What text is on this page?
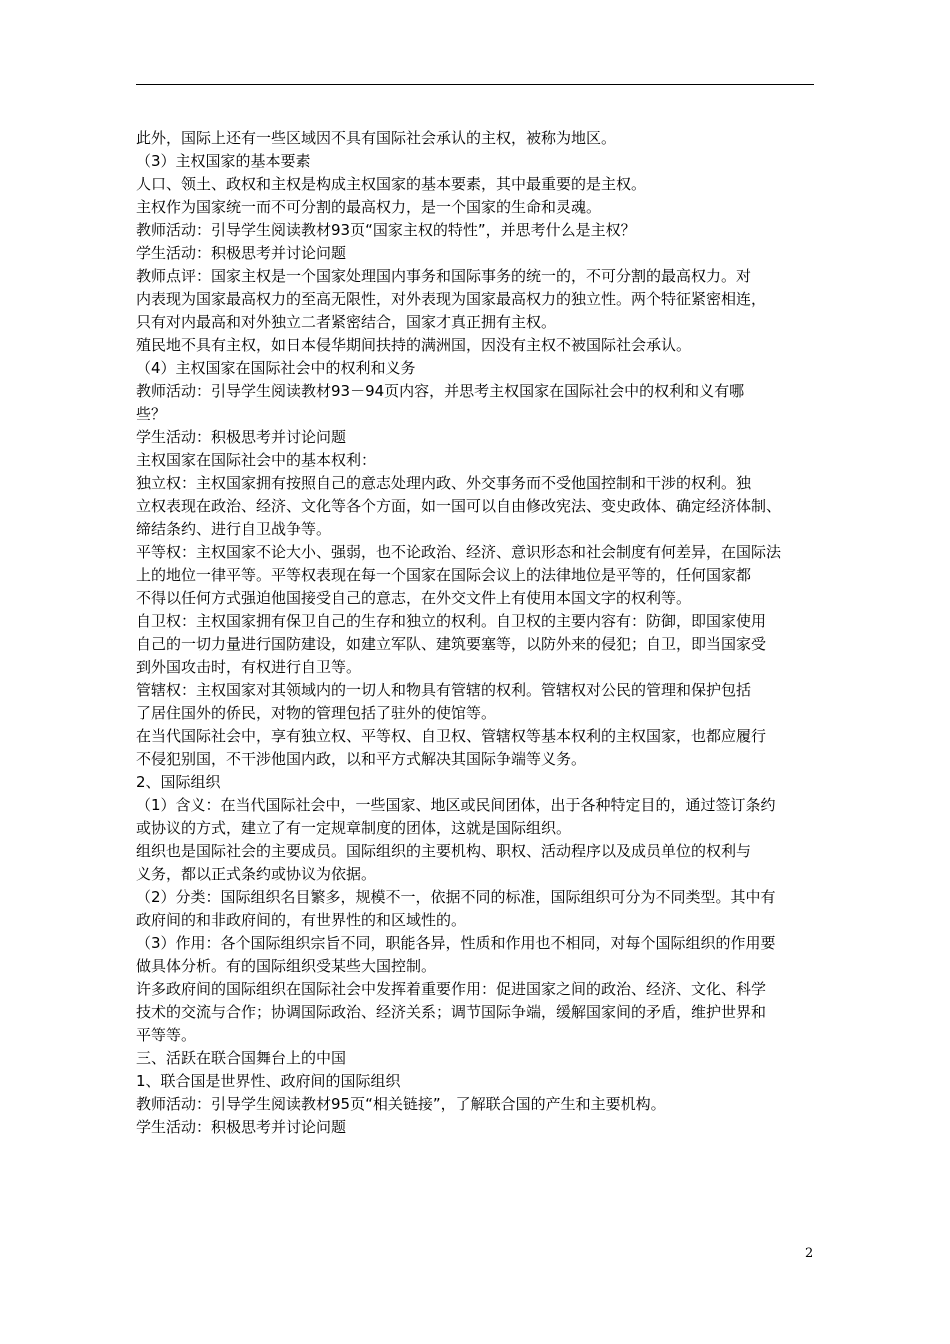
此外，国际上还有一些区域因不具有国际社会承认的主权，被称为地区。
（3）主权国家的基本要素
人口、领土、政权和主权是构成主权国家的基本要素，其中最重要的是主权。
主权作为国家统一而不可分割的最高权力，是一个国家的生命和灵魂。
教师活动：引导学生阅读教材93页“国家主权的特性”，并思考什么是主权？
学生活动：积极思考并讨论问题
教师点评：国家主权是一个国家处理国内事务和国际事务的统一的，不可分割的最高权力。对
内表现为国家最高权力的至高无限性，对外表现为国家最高权力的独立性。两个特征紧密相连，
只有对内最高和对外独立二者紧密结合，国家才真正拥有主权。
殖民地不具有主权，如日本侵华期间扶持的满洲国，因没有主权不被国际社会承认。
（4）主权国家在国际社会中的权利和义务
教师活动：引导学生阅读教材93－94页内容，并思考主权国家在国际社会中的权利和义有哪
些？
学生活动：积极思考并讨论问题
主权国家在国际社会中的基本权利：
独立权：主权国家拥有按照自己的意志处理内政、外交事务而不受他国控制和干涉的权利。独
立权表现在政治、经济、文化等各个方面，如一国可以自由修改宪法、变史政体、确定经济体制、
缔结条约、进行自卫战争等。
平等权：主权国家不论大小、强弱，也不论政治、经济、意识形态和社会制度有何差异，在国际法
上的地位一律平等。平等权表现在每一个国家在国际会议上的法律地位是平等的，任何国家都
不得以任何方式强迫他国接受自己的意志，在外交文件上有使用本国文字的权利等。
自卫权：主权国家拥有保卫自己的生存和独立的权利。自卫权的主要内容有：防御，即国家使用
自己的一切力量进行国防建设，如建立军队、建筑要塞等，以防外来的侵犯；自卫，即当国家受
到外国攻击时，有权进行自卫等。
管辖权：主权国家对其领域内的一切人和物具有管辖的权利。管辖权对公民的管理和保护包括
了居住国外的侨民，对物的管理包括了驻外的使馆等。
在当代国际社会中，享有独立权、平等权、自卫权、管辖权等基本权利的主权国家，也都应履行
不侵犯别国，不干涉他国内政，以和平方式解决其国际争端等义务。
2、国际组织
（1）含义：在当代国际社会中，一些国家、地区或民间团体，出于各种特定目的，通过签订条约
或协议的方式，建立了有一定规章制度的团体，这就是国际组织。
组织也是国际社会的主要成员。国际组织的主要机构、职权、活动程序以及成员单位的权利与
义务，都以正式条约或协议为依据。
（2）分类：国际组织名目繁多，规模不一，依据不同的标准，国际组织可分为不同类型。其中有
政府间的和非政府间的，有世界性的和区域性的。
（3）作用：各个国际组织宗旨不同，职能各异，性质和作用也不相同，对每个国际组织的作用要
做具体分析。有的国际组织受某些大国控制。
许多政府间的国际组织在国际社会中发挥着重要作用：促进国家之间的政治、经济、文化、科学
技术的交流与合作；协调国际政治、经济关系；调节国际争端，缓解国家间的矛盾，维护世界和
平等等。
三、活跃在联合国舞台上的中国
1、联合国是世界性、政府间的国际组织
教师活动：引导学生阅读教材95页“相关链接”，了解联合国的产生和主要机构。
学生活动：积极思考并讨论问题
2
